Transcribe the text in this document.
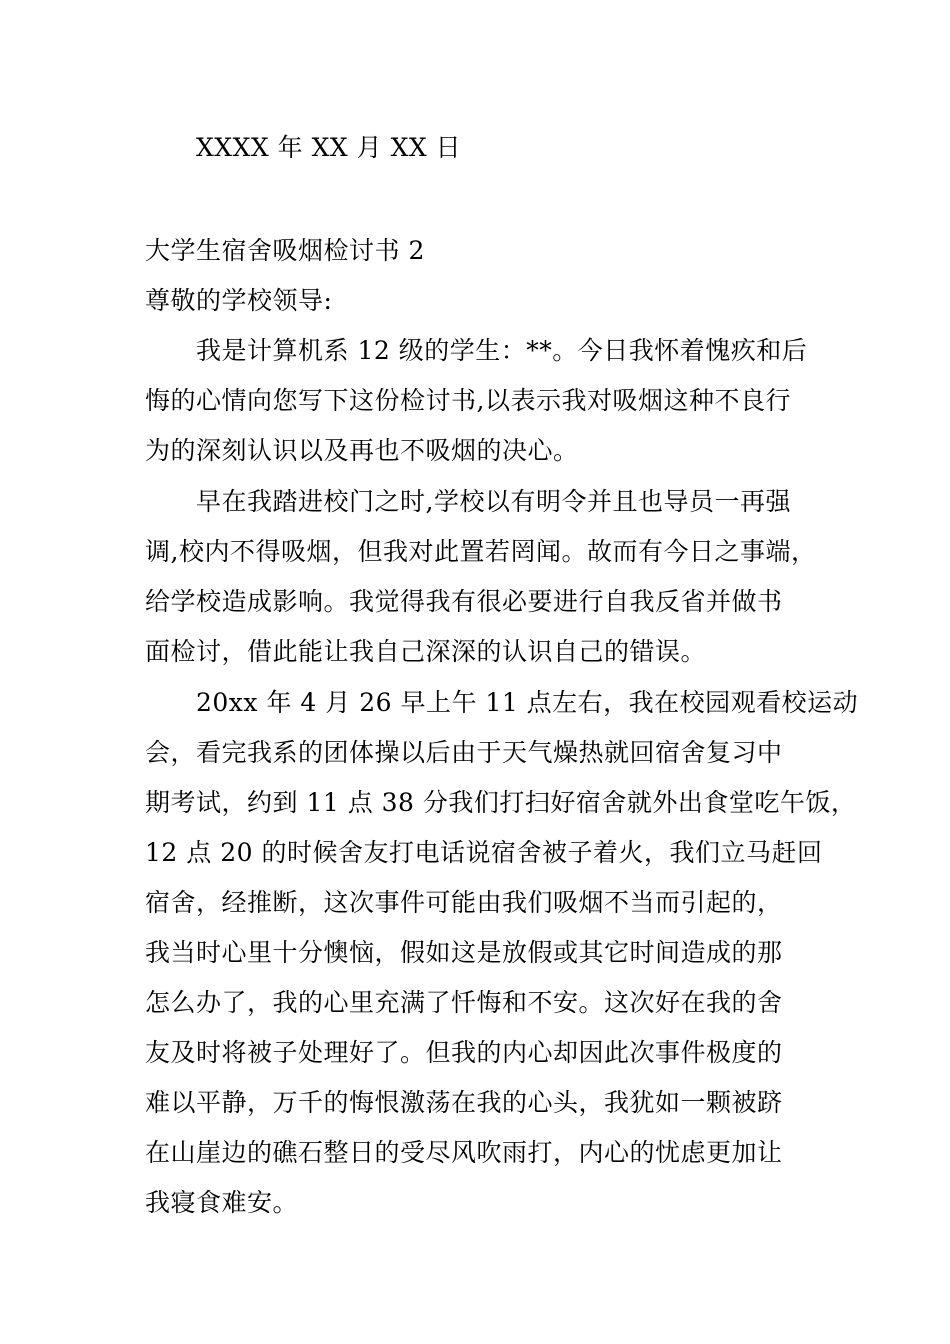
XXXX 年 XX 月 XX 日
大学生宿舍吸烟检讨书 2
尊敬的学校领导:
我是计算机系 12 级的学生：**。今日我怀着愧疚和后
悔的心情向您写下这份检讨书,以表示我对吸烟这种不良行
为的深刻认识以及再也不吸烟的决心。
早在我踏进校门之时,学校以有明令并且也导员一再强
调,校内不得吸烟，但我对此置若罔闻。故而有今日之事端，
给学校造成影响。我觉得我有很必要进行自我反省并做书
面检讨，借此能让我自己深深的认识自己的错误。
20xx 年 4 月 26 早上午 11 点左右，我在校园观看校运动
会，看完我系的团体操以后由于天气燥热就回宿舍复习中
期考试，约到 11 点 38 分我们打扫好宿舍就外出食堂吃午饭，
12 点 20 的时候舍友打电话说宿舍被子着火，我们立马赶回
宿舍，经推断，这次事件可能由我们吸烟不当而引起的，
我当时心里十分懊恼，假如这是放假或其它时间造成的那
怎么办了，我的心里充满了忏悔和不安。这次好在我的舍
友及时将被子处理好了。但我的内心却因此次事件极度的
难以平静，万千的悔恨激荡在我的心头，我犹如一颗被跻
在山崖边的礁石整日的受尽风吹雨打，内心的忧虑更加让
我寝食难安。
